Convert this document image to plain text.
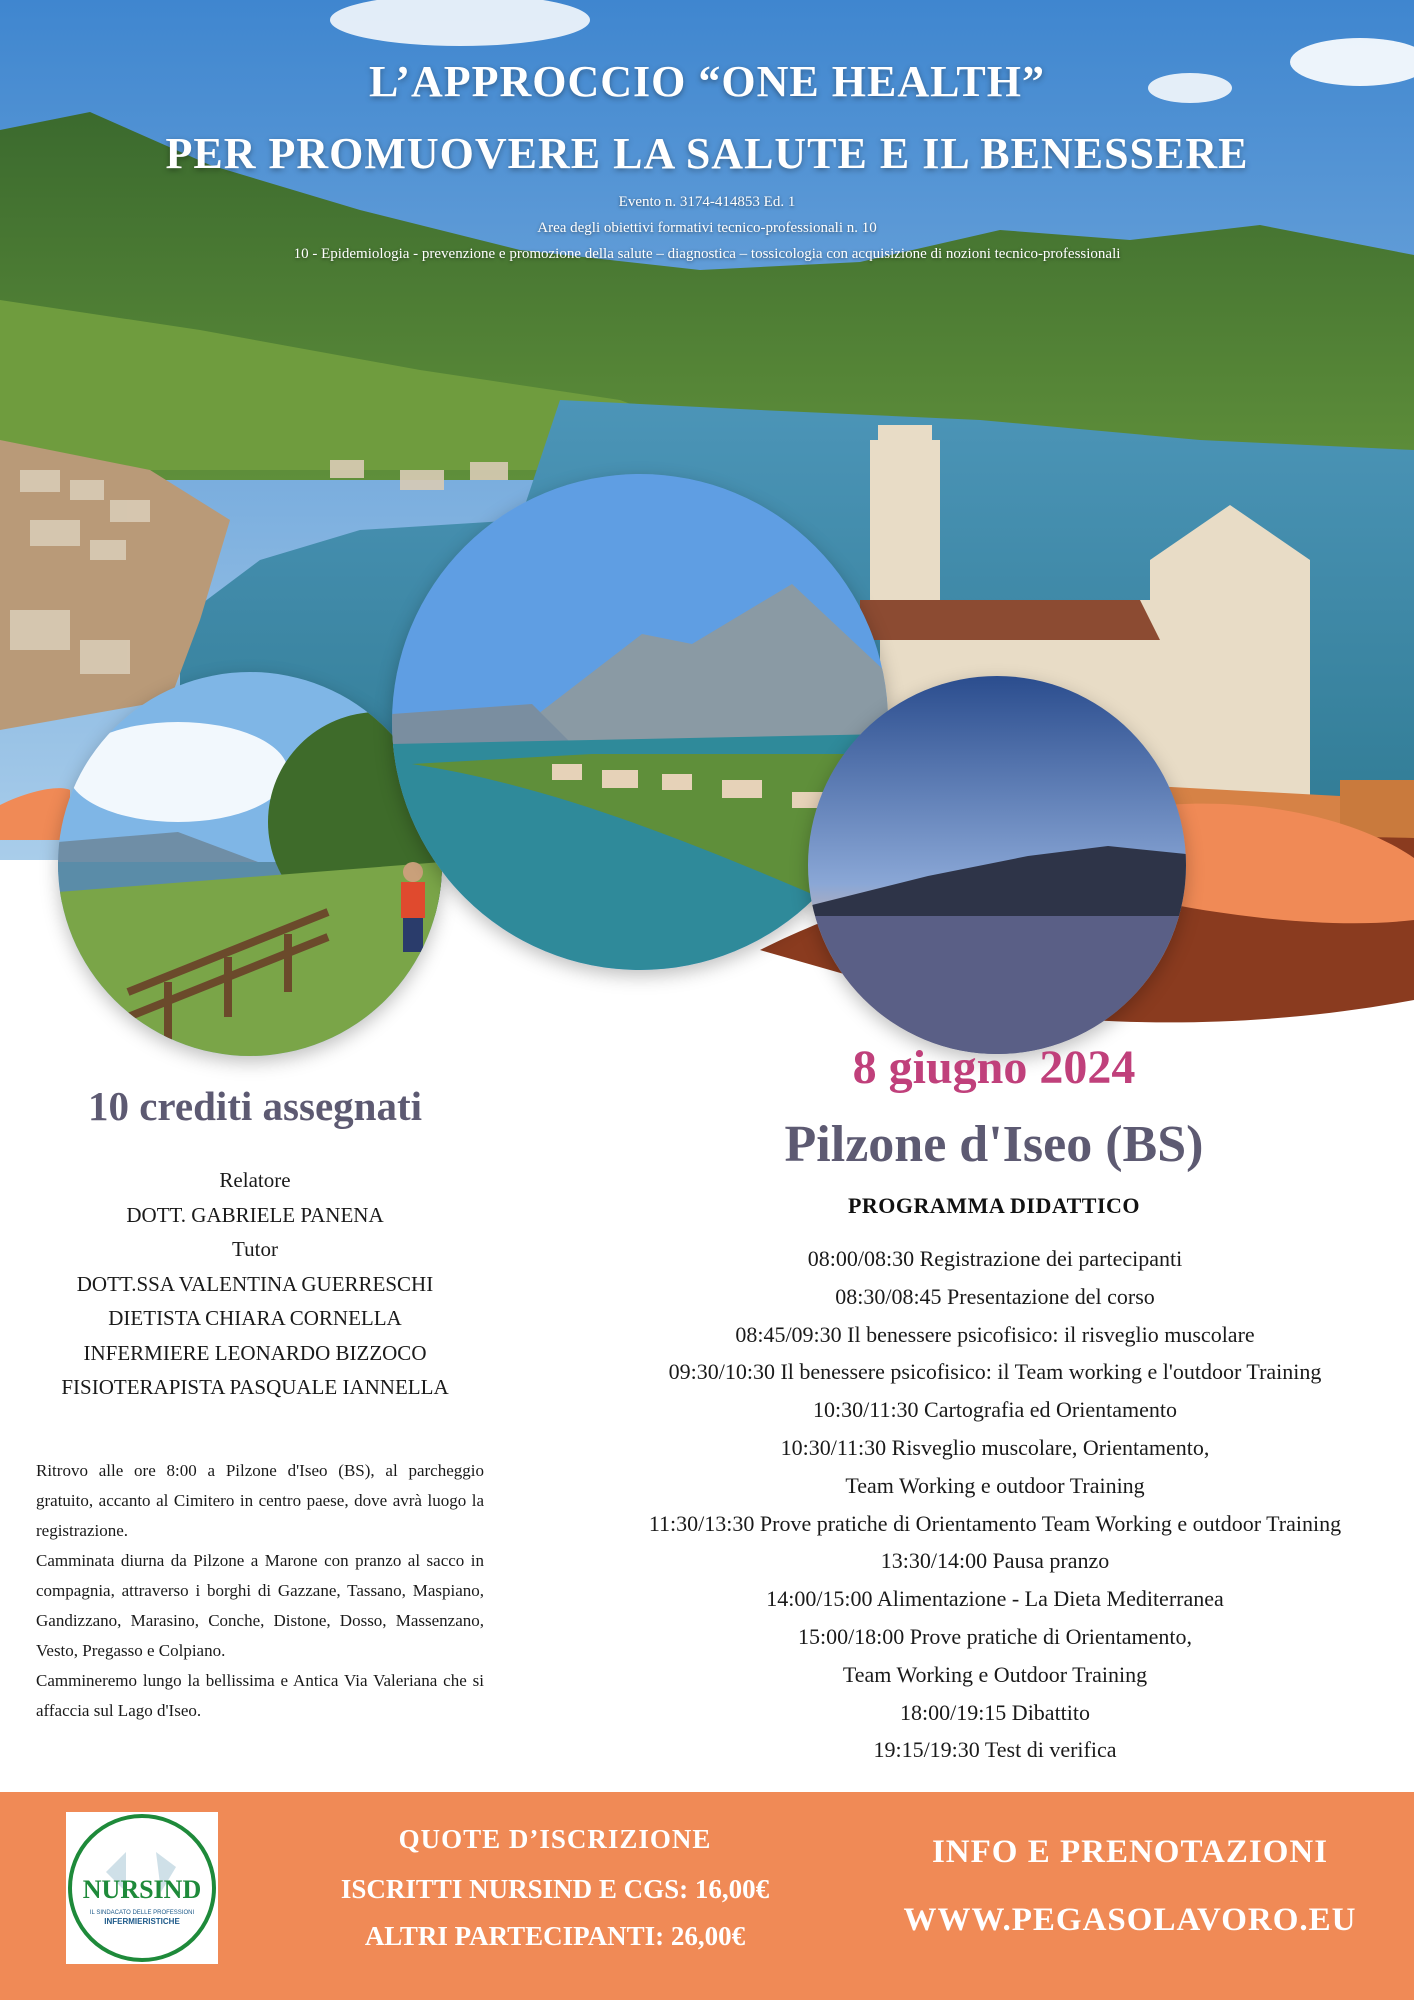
L’APPROCCIO “ONE HEALTH”
PER PROMUOVERE LA SALUTE E IL BENESSERE
Evento n. 3174-414853 Ed. 1
Area degli obiettivi formativi tecnico-professionali n. 10
10 - Epidemiologia - prevenzione e promozione della salute – diagnostica – tossicologia con acquisizione di nozioni tecnico-professionali
10 crediti assegnati
Relatore
DOTT. GABRIELE PANENA
Tutor
DOTT.SSA VALENTINA GUERRESCHI
DIETISTA CHIARA CORNELLA
INFERMIERE LEONARDO BIZZOCO
FISIOTERAPISTA PASQUALE IANNELLA

Ritrovo alle ore 8:00 a Pilzone d'Iseo (BS), al parcheggio gratuito, accanto al Cimitero in centro paese, dove avrà luogo la registrazione.

Camminata diurna da Pilzone a Marone con pranzo al sacco in compagnia, attraverso i borghi di Gazzane, Tassano, Maspiano, Gandizzano, Marasino, Conche, Distone, Dosso, Massenzano, Vesto, Pregasso e Colpiano.

Cammineremo lungo la bellissima e Antica Via Valeriana che si affaccia sul Lago d'Iseo.

8 giugno 2024
Pilzone d'Iseo (BS)
PROGRAMMA DIDATTICO
08:00/08:30 Registrazione dei partecipanti
08:30/08:45 Presentazione del corso
08:45/09:30 Il benessere psicofisico: il risveglio muscolare
09:30/10:30 Il benessere psicofisico: il Team working e l'outdoor Training
10:30/11:30 Cartografia ed Orientamento
10:30/11:30 Risveglio muscolare, Orientamento,
Team Working e outdoor Training
11:30/13:30 Prove pratiche di Orientamento Team Working e outdoor Training
13:30/14:00 Pausa pranzo
14:00/15:00 Alimentazione - La Dieta Mediterranea
15:00/18:00 Prove pratiche di Orientamento,
Team Working e Outdoor Training
18:00/19:15 Dibattito
19:15/19:30 Test di verifica
NURSIND
IL SINDACATO DELLE PROFESSIONI
INFERMIERISTICHE
QUOTE D’ISCRIZIONE
ISCRITTI NURSIND E CGS: 16,00€
ALTRI PARTECIPANTI: 26,00€
INFO E PRENOTAZIONI
WWW.PEGASOLAVORO.EU
